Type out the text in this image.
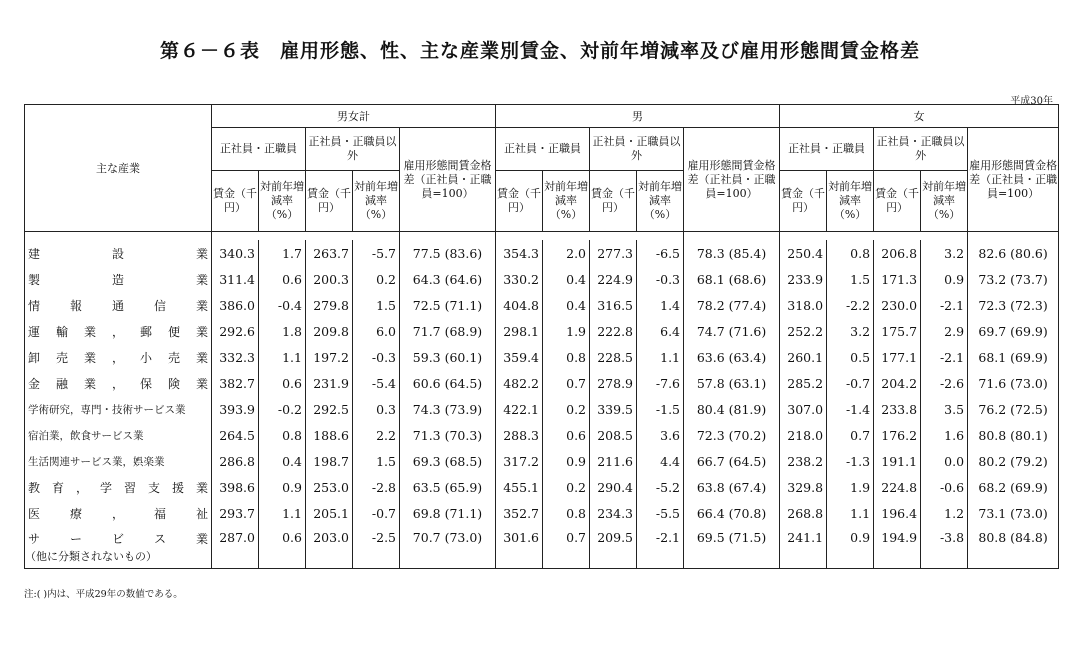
第６－６表　雇用形態、性、主な産業別賃金、対前年増減率及び雇用形態間賃金格差
平成30年
主な産業	男女計					男					女				
	正社員・正職員		正社員・正職員以外		雇用形態間賃金格差（正社員・正職員=100）	正社員・正職員		正社員・正職員以外		雇用形態間賃金格差（正社員・正職員=100）	正社員・正職員		正社員・正職員以外		雇用形態間賃金格差（正社員・正職員=100）
	賃金（千円）	対前年増減率（%）	賃金（千円）	対前年増減率（%）		賃金（千円）	対前年増減率（%）	賃金（千円）	対前年増減率（%）		賃金（千円）	対前年増減率（%）	賃金（千円）	対前年増減率（%）	

建設業	340.3	1.7	263.7	-5.7	77.5 (83.6)	354.3	2.0	277.3	-6.5	78.3 (85.4)	250.4	0.8	206.8	3.2	82.6 (80.6)

製造業	311.4	0.6	200.3	0.2	64.3 (64.6)	330.2	0.4	224.9	-0.3	68.1 (68.6)	233.9	1.5	171.3	0.9	73.2 (73.7)

情報通信業	386.0	-0.4	279.8	1.5	72.5 (71.1)	404.8	0.4	316.5	1.4	78.2 (77.4)	318.0	-2.2	230.0	-2.1	72.3 (72.3)

運輸業，郵便業	292.6	1.8	209.8	6.0	71.7 (68.9)	298.1	1.9	222.8	6.4	74.7 (71.6)	252.2	3.2	175.7	2.9	69.7 (69.9)

卸売業，小売業	332.3	1.1	197.2	-0.3	59.3 (60.1)	359.4	0.8	228.5	1.1	63.6 (63.4)	260.1	0.5	177.1	-2.1	68.1 (69.9)

金融業，保険業	382.7	0.6	231.9	-5.4	60.6 (64.5)	482.2	0.7	278.9	-7.6	57.8 (63.1)	285.2	-0.7	204.2	-2.6	71.6 (73.0)

学術研究，専門・技術サービス業	393.9	-0.2	292.5	0.3	74.3 (73.9)	422.1	0.2	339.5	-1.5	80.4 (81.9)	307.0	-1.4	233.8	3.5	76.2 (72.5)

宿泊業，飲食サービス業	264.5	0.8	188.6	2.2	71.3 (70.3)	288.3	0.6	208.5	3.6	72.3 (70.2)	218.0	0.7	176.2	1.6	80.8 (80.1)

生活関連サービス業，娯楽業	286.8	0.4	198.7	1.5	69.3 (68.5)	317.2	0.9	211.6	4.4	66.7 (64.5)	238.2	-1.3	191.1	0.0	80.2 (79.2)

教育，学習支援業	398.6	0.9	253.0	-2.8	63.5 (65.9)	455.1	0.2	290.4	-5.2	63.8 (67.4)	329.8	1.9	224.8	-0.6	68.2 (69.9)

医療，福祉	293.7	1.1	205.1	-0.7	69.8 (71.1)	352.7	0.8	234.3	-5.5	66.4 (70.8)	268.8	1.1	196.4	1.2	73.1 (73.0)

サービス業
（他に分類されないもの）	287.0	0.6	203.0	-2.5	70.7 (73.0)	301.6	0.7	209.5	-2.1	69.5 (71.5)	241.1	0.9	194.9	-3.8	80.8 (84.8)
注:( )内は、平成29年の数値である。
